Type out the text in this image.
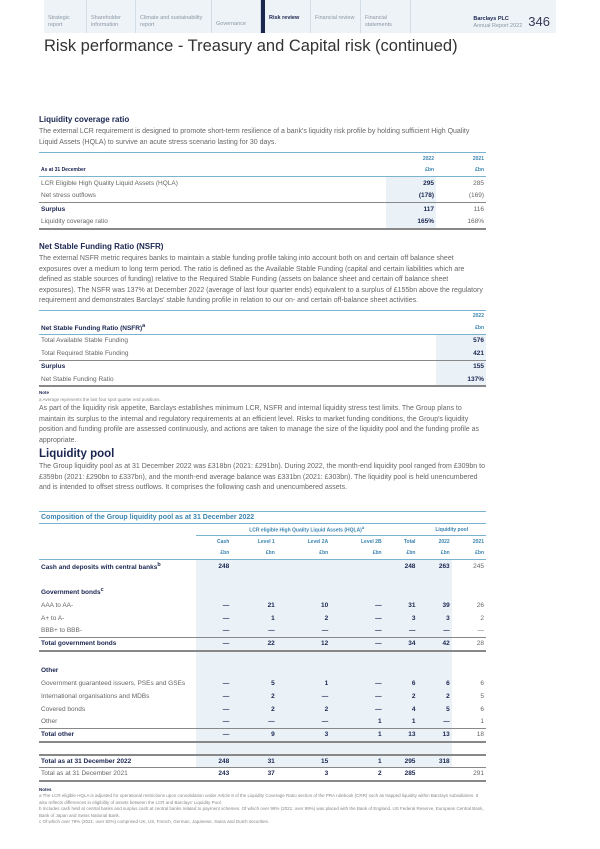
Strategic report
Shareholder information
Climate and sustainability report	Governance
Risk review	Financial review	Financial statements
Barclays PLC
Annual Report 2022 346
Risk performance - Treasury and Capital risk (continued)
Liquidity coverage ratio

The external LCR requirement is designed to promote short-term resilience of a bank's liquidity risk profile by holding sufficient High Quality Liquid Assets (HQLA) to survive an acute stress scenario lasting for 30 days.

	2022	2021
As at 31 December	£bn	£bn
LCR Eligible High Quality Liquid Assets (HQLA)	295	285
Net stress outflows	(178)	(169)
Surplus	117	116
Liquidity coverage ratio	165%	168%
Net Stable Funding Ratio (NSFR)

The external NSFR metric requires banks to maintain a stable funding profile taking into account both on and certain off balance sheet exposures over a medium to long term period. The ratio is defined as the Available Stable Funding (capital and certain liabilities which are defined as stable sources of funding) relative to the Required Stable Funding (assets on balance sheet and certain off balance sheet exposures). The NSFR was 137% at December 2022 (average of last four quarter ends) equivalent to a surplus of £155bn above the regulatory requirement and demonstrates Barclays' stable funding profile in relation to our on- and certain off-balance sheet activities.

	2022
Net Stable Funding Ratio (NSFR)$^a$	£bn
Total Available Stable Funding	576
Total Required Stable Funding	421
Surplus	155
Net Stable Funding Ratio	137%
Note
a Average represents the last four spot quarter end positions.

As part of the liquidity risk appetite, Barclays establishes minimum LCR, NSFR and internal liquidity stress test limits. The Group plans to maintain its surplus to the internal and regulatory requirements at an efficient level. Risks to market funding conditions, the Group's liquidity position and funding profile are assessed continuously, and actions are taken to manage the size of the liquidity pool and the funding profile as appropriate.

Liquidity pool

The Group liquidity pool as at 31 December 2022 was £318bn (2021: £291bn). During 2022, the month-end liquidity pool ranged from £309bn to £359bn (2021: £290bn to £337bn), and the month-end average balance was £331bn (2021: £303bn). The liquidity pool is held unencumbered and is intended to offset stress outflows. It comprises the following cash and unencumbered assets.

Composition of the Group liquidity pool as at 31 December 2022							
	LCR eligible High Quality Liquid Assets (HQLA)$^a$					Liquidity pool	
	Cash	Level 1	Level 2A	Level 2B	Total	2022	2021
	£bn	£bn	£bn	£bn	£bn	£bn	£bn
Cash and deposits with central banks$^b$	248				248	263	245

Government bonds$^c$			
AAA to AA-	—	21	10	—	31	39	26
A+ to A-	—	1	2	—	3	3	2
BBB+ to BBB-	—	—	—	—	—	—	—
Total government bonds	—	22	12	—	34	42	28

Other							
Government guaranteed issuers, PSEs and GSEs	—	5	1	—	6	6	6
International organisations and MDBs	—	2	—	—	2	2	5
Covered bonds	—	2	2	—	4	5	6
Other	—	—	—	1	1	—	1
Total other	—	9	3	1	13	13	18

Total as at 31 December 2022	248	31	15	1	295	318	
Total as at 31 December 2021	243	37	3	2	285		291
Notes
a The LCR eligible HQLA is adjusted for operational restrictions upon consolidation under Article 8 of the Liquidity Coverage Ratio section of the PRA rulebook (CRR) such as trapped liquidity within Barclays subsidiaries. It also reflects differences in eligibility of assets between the LCR and Barclays' Liquidity Pool.
b Includes cash held at central banks and surplus cash at central banks related to payment schemes. Of which over 99% (2021: over 99%) was placed with the Bank of England, US Federal Reserve, European Central Bank, Bank of Japan and Swiss National Bank.
c Of which over 79% (2021: over 82%) comprised UK, US, French, German, Japanese, Swiss and Dutch securities.
